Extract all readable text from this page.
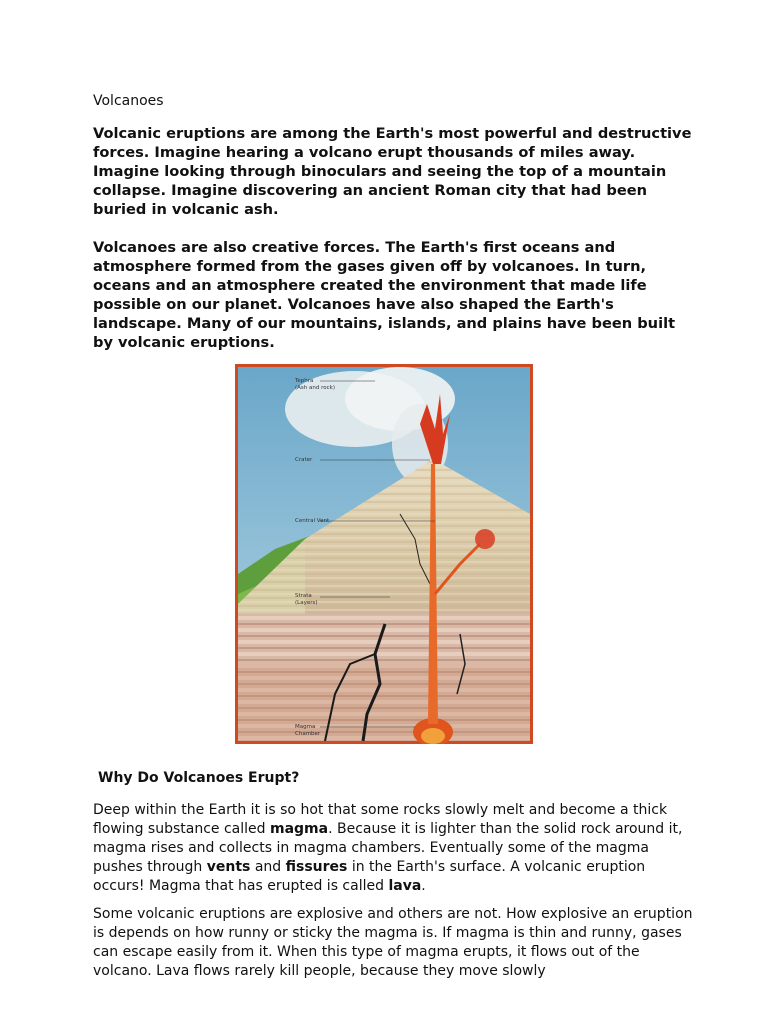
Volcanoes

Volcanic eruptions are among the Earth's most powerful and destructive forces. Imagine hearing a volcano erupt thousands of miles away. Imagine looking through binoculars and seeing the top of a mountain collapse. Imagine discovering an ancient Roman city that had been buried in volcanic ash.

Volcanoes are also creative forces. The Earth's first oceans and atmosphere formed from the gases given off by volcanoes. In turn, oceans and an atmosphere created the environment that made life possible on our planet. Volcanoes have also shaped the Earth's landscape. Many of our mountains, islands, and plains have been built by volcanic eruptions.

Tephra
(Ash and rock)
Crater
Central Vent
Strata
(Layers)
Magma
Chamber
Why Do Volcanoes Erupt?

Deep within the Earth it is so hot that some rocks slowly melt and become a thick flowing substance called magma. Because it is lighter than the solid rock around it, magma rises and collects in magma chambers. Eventually some of the magma pushes through vents and fissures in the Earth's surface. A volcanic eruption occurs! Magma that has erupted is called lava.

Some volcanic eruptions are explosive and others are not. How explosive an eruption is depends on how runny or sticky the magma is. If magma is thin and runny, gases can escape easily from it. When this type of magma erupts, it flows out of the volcano. Lava flows rarely kill people, because they move slowly
